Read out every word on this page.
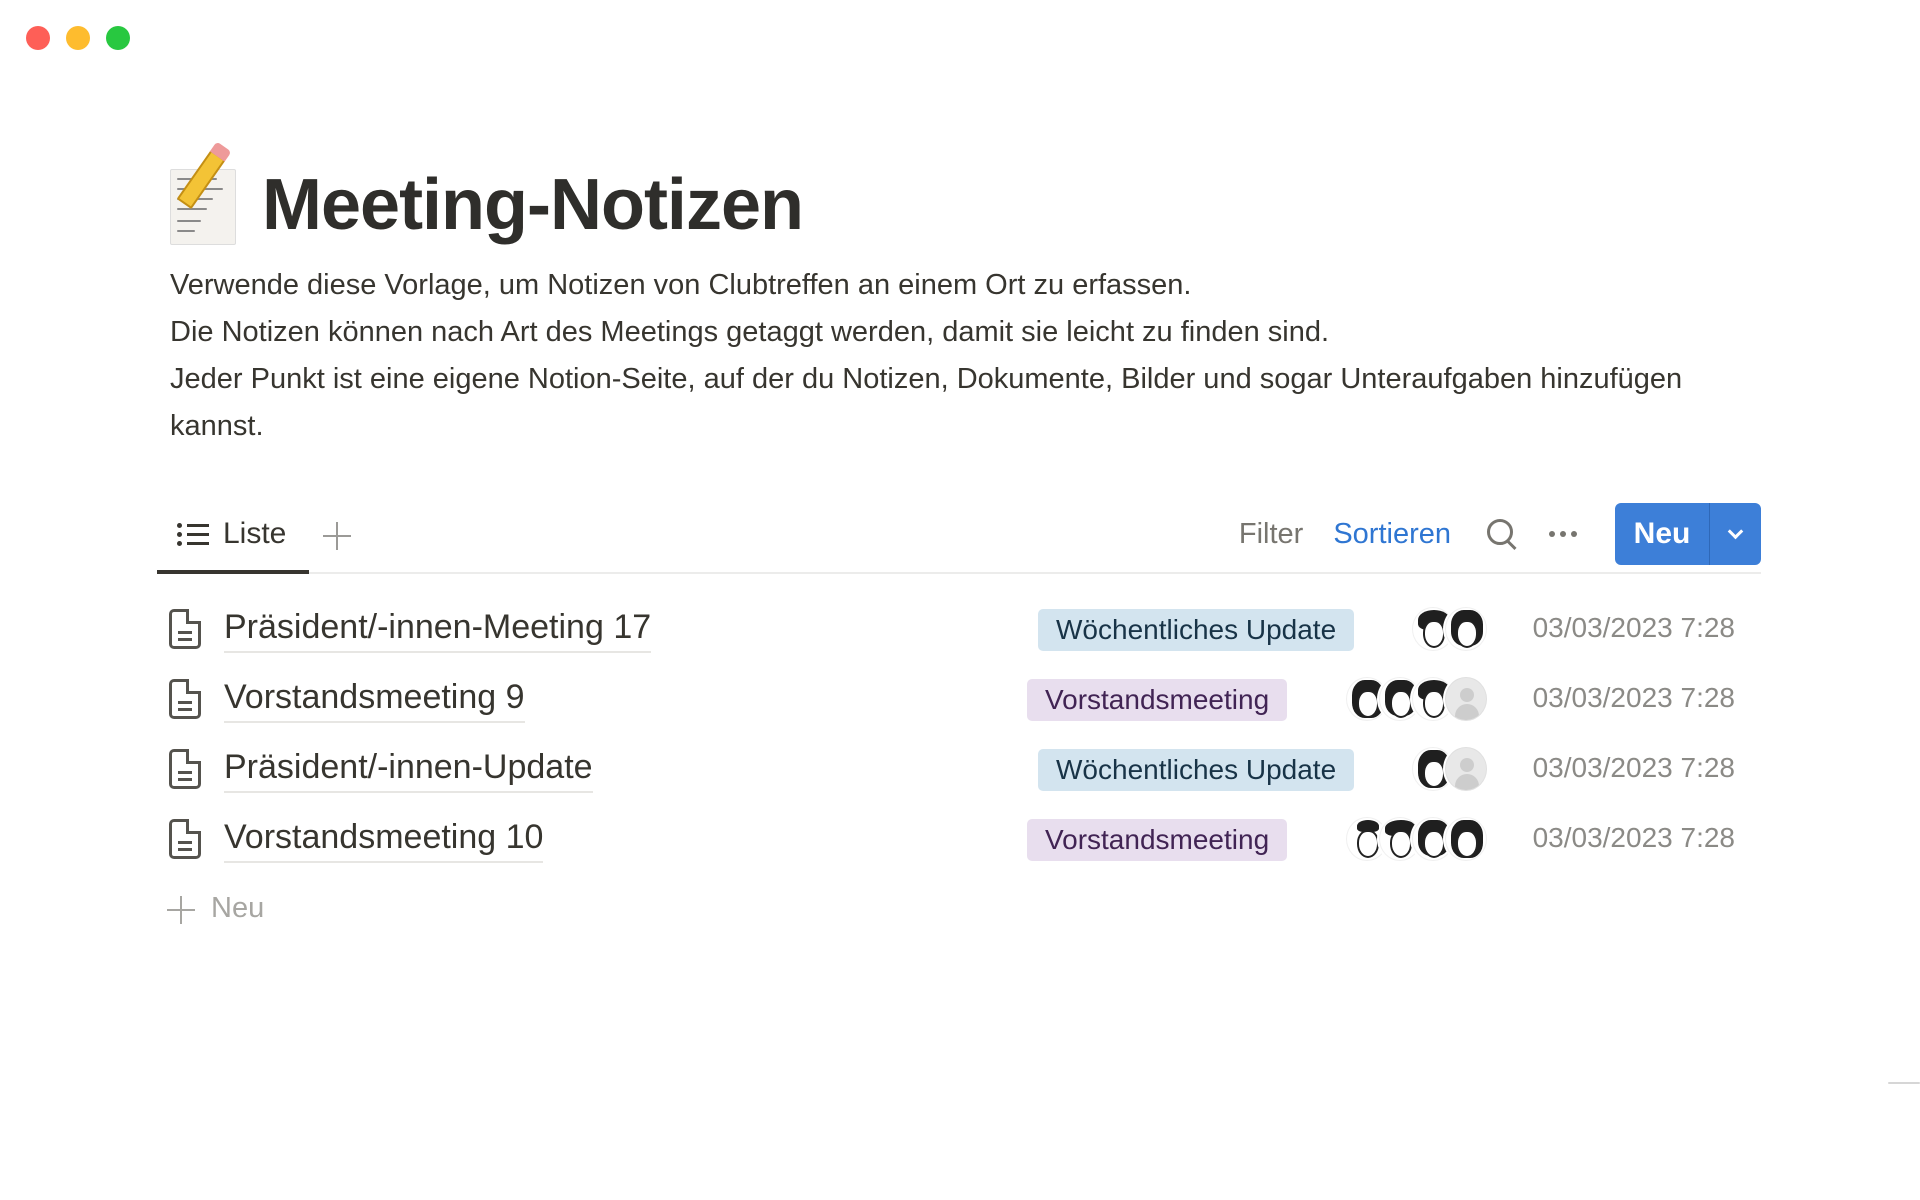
Meeting-Notizen

Verwende diese Vorlage, um Notizen von Clubtreffen an einem Ort zu erfassen.

Die Notizen können nach Art des Meetings getaggt werden, damit sie leicht zu finden sind.

Jeder Punkt ist eine eigene Notion-Seite, auf der du Notizen, Dokumente, Bilder und sogar Unteraufgaben hinzufügen kannst.

Liste	Filter Sortieren	Neu
Präsident/-innen-Meeting 17	Wöchentliches Update	03/03/2023 7:28
Vorstandsmeeting 9	Vorstandsmeeting	03/03/2023 7:28
Präsident/-innen-Update	Wöchentliches Update	03/03/2023 7:28
Vorstandsmeeting 10	Vorstandsmeeting	03/03/2023 7:28
Neu
